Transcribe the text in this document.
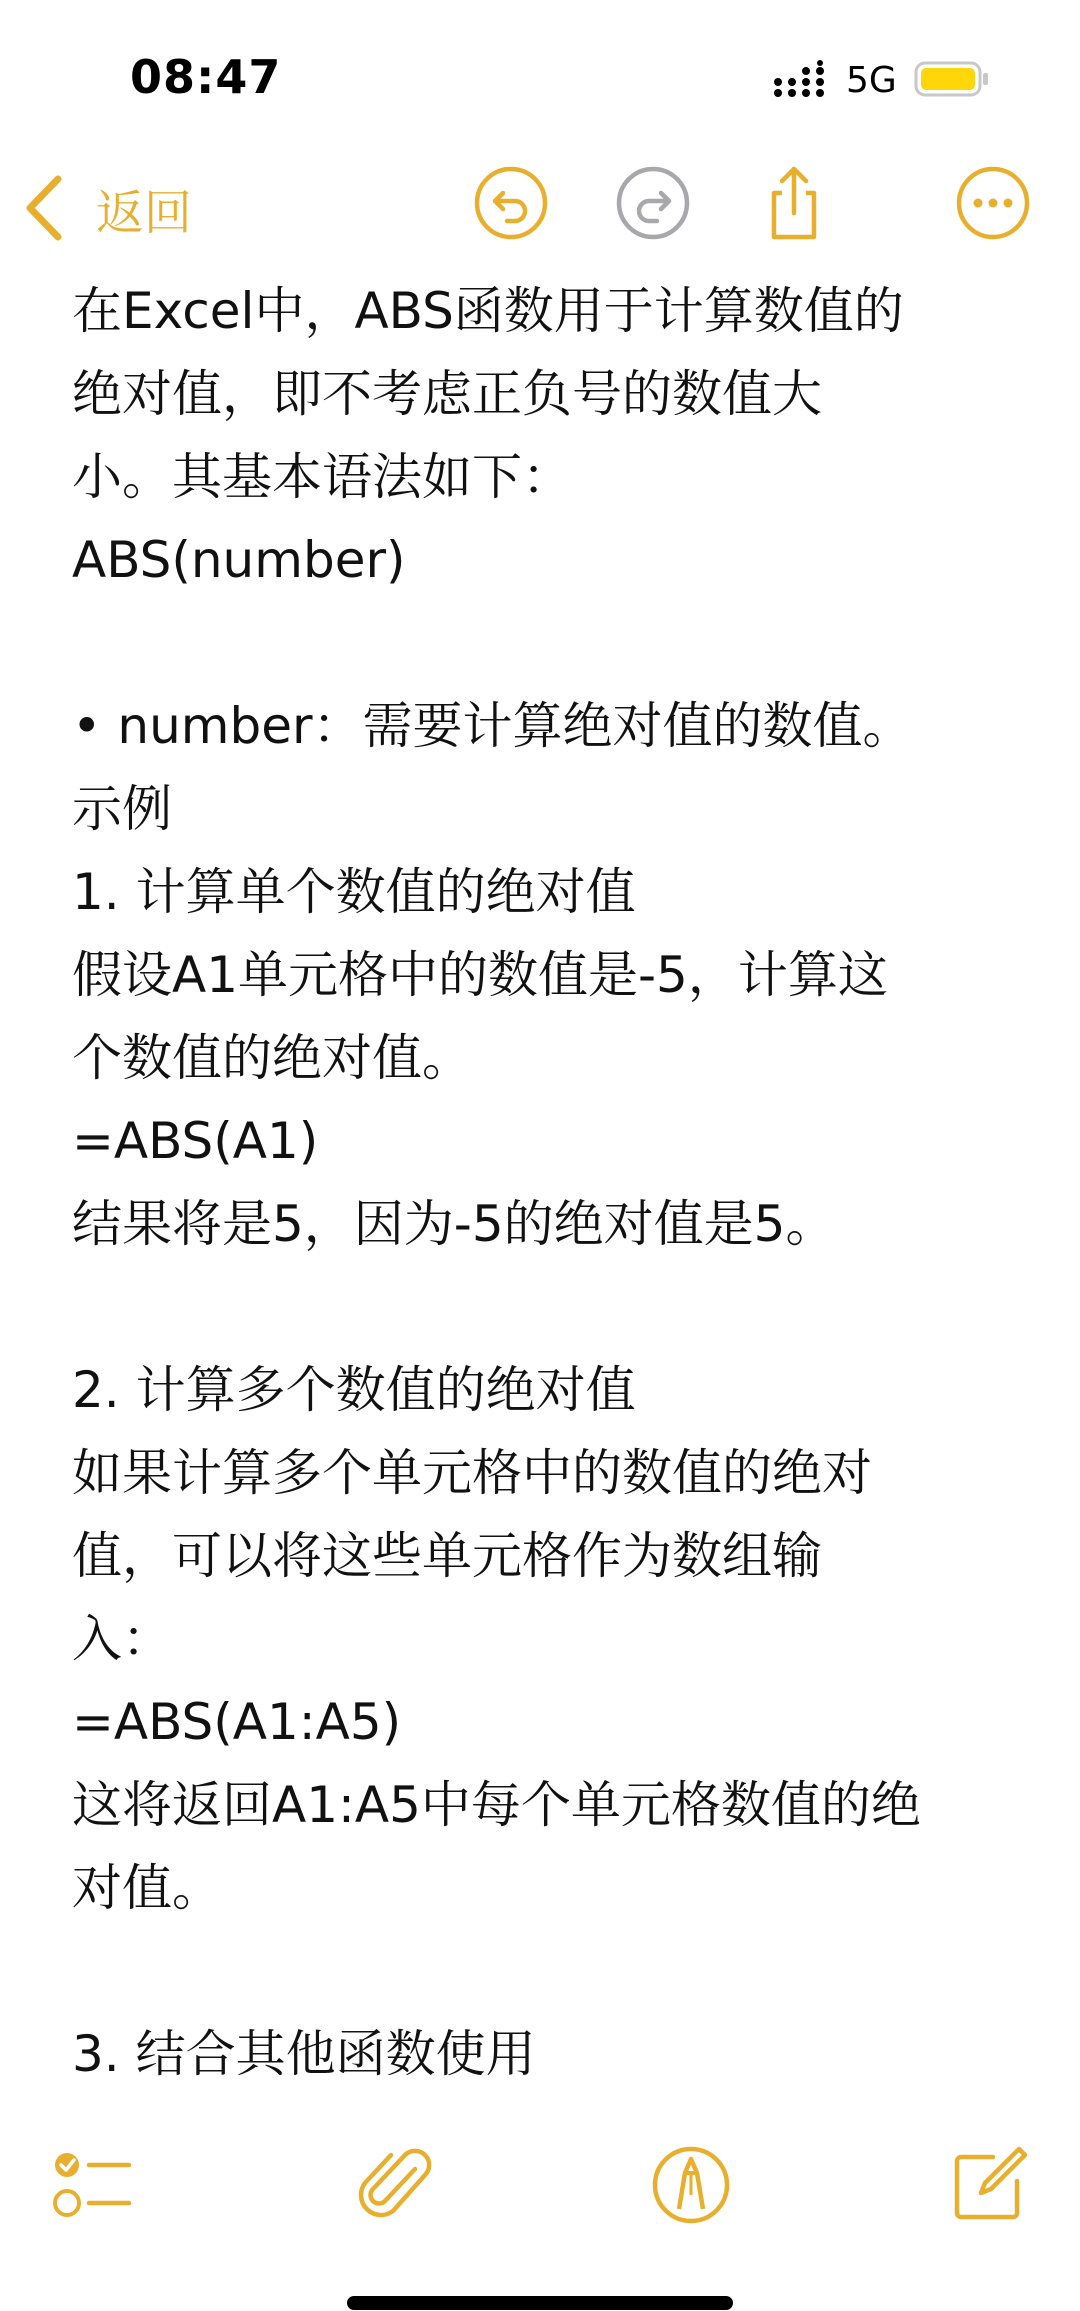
08:47	5G
返回
在Excel中，ABS函数用于计算数值的
绝对值，即不考虑正负号的数值大
小。其基本语法如下：
ABS(number)
• number：需要计算绝对值的数值。
示例
1. 计算单个数值的绝对值
假设A1单元格中的数值是-5，计算这
个数值的绝对值。
=ABS(A1)
结果将是5，因为-5的绝对值是5。
2. 计算多个数值的绝对值
如果计算多个单元格中的数值的绝对
值，可以将这些单元格作为数组输
入：
=ABS(A1:A5)
这将返回A1:A5中每个单元格数值的绝
对值。
3. 结合其他函数使用
